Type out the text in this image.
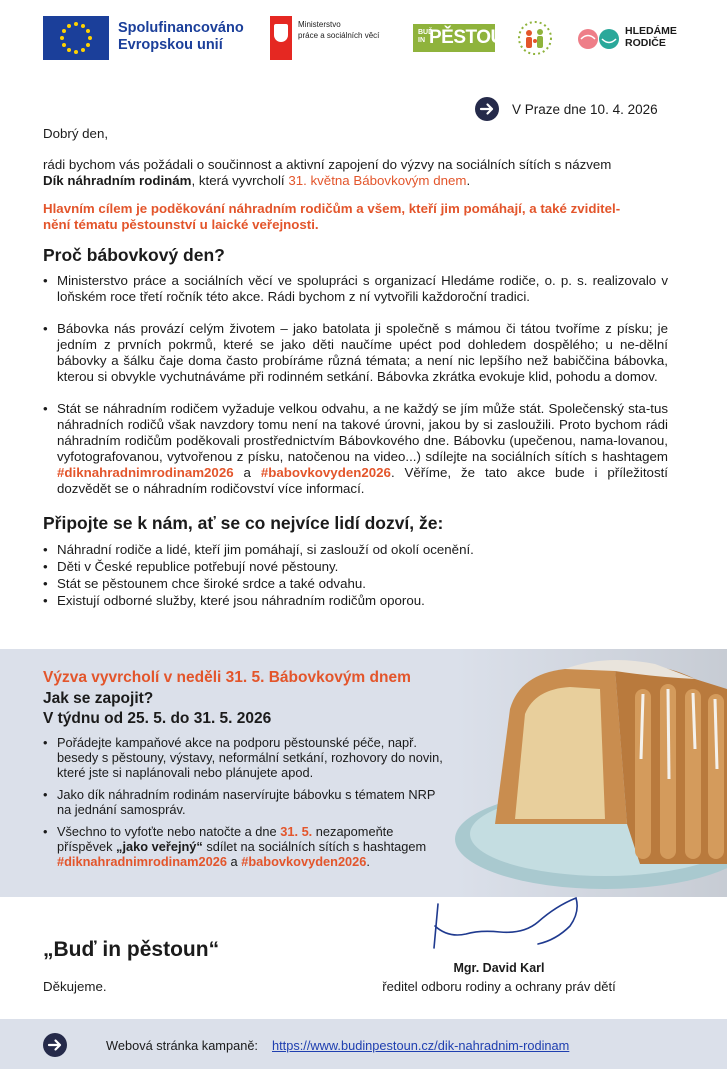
Spolufinancováno
Evropskou unií
Ministerstvo
práce a sociálních věcí	BUĎ
IN PĚSTOUN	HLEDÁME
RODIČE
V Praze dne 10. 4. 2026
Dobrý den,
rádi bychom vás požádali o součinnost a aktivní zapojení do výzvy na sociálních sítích s názvem
Dík náhradním rodinám, která vyvrcholí 31. května Bábovkovým dnem.
Hlavním cílem je poděkování náhradním rodičům a všem, kteří jim pomáhají, a také zviditel-
nění tématu pěstounství u laické veřejnosti.
Proč bábovkový den?
• Ministerstvo práce a sociálních věcí ve spolupráci s organizací Hledáme rodiče, o. p. s. realizovalo v loňském roce třetí ročník této akce. Rádi bychom z ní vytvořili každoroční tradici.
• Bábovka nás provází celým životem – jako batolata ji společně s mámou či tátou tvoříme z písku; je jedním z prvních pokrmů, které se jako děti naučíme upéct pod dohledem dospělého; u ne-dělní bábovky a šálku čaje doma často probíráme různá témata; a není nic lepšího než babiččina bábovka, kterou si obvykle vychutnáváme při rodinném setkání. Bábovka zkrátka evokuje klid, pohodu a domov.
• Stát se náhradním rodičem vyžaduje velkou odvahu, a ne každý se jím může stát. Společenský sta-tus náhradních rodičů však navzdory tomu není na takové úrovni, jakou by si zasloužili. Proto bychom rádi náhradním rodičům poděkovali prostřednictvím Bábovkového dne. Bábovku (upečenou, nama-lovanou, vyfotografovanou, vytvořenou z písku, natočenou na video...) sdílejte na sociálních sítích s hashtagem #diknahradnimrodinam2026 a #babovkovyden2026. Věříme, že tato akce bude i příležitostí dozvědět se o náhradním rodičovství více informací.
Připojte se k nám, ať se co nejvíce lidí dozví, že:
• Náhradní rodiče a lidé, kteří jim pomáhají, si zaslouží od okolí ocenění.
• Děti v České republice potřebují nové pěstouny.
• Stát se pěstounem chce široké srdce a také odvahu.
• Existují odborné služby, které jsou náhradním rodičům oporou.
Výzva vyvrcholí v neděli 31. 5. Bábovkovým dnem
Jak se zapojit?
V týdnu od 25. 5. do 31. 5. 2026
• Pořádejte kampaňové akce na podporu pěstounské péče, např. besedy s pěstouny, výstavy, neformální setkání, rozhovory do novin, které jste si naplánovali nebo plánujete apod.
• Jako dík náhradním rodinám naservírujte bábovku s tématem NRP na jednání samospráv.
• Všechno to vyfoťte nebo natočte a dne 31. 5. nezapomeňte příspěvek „jako veřejný“ sdílet na sociálních sítích s hashtagem #diknahradnimrodinam2026 a #babovkovyden2026.
„Buď in pěstoun“
Děkujeme.
Mgr. David Karl
ředitel odboru rodiny a ochrany práv dětí
Webová stránka kampaně: https://www.budinpestoun.cz/dik-nahradnim-rodinam
